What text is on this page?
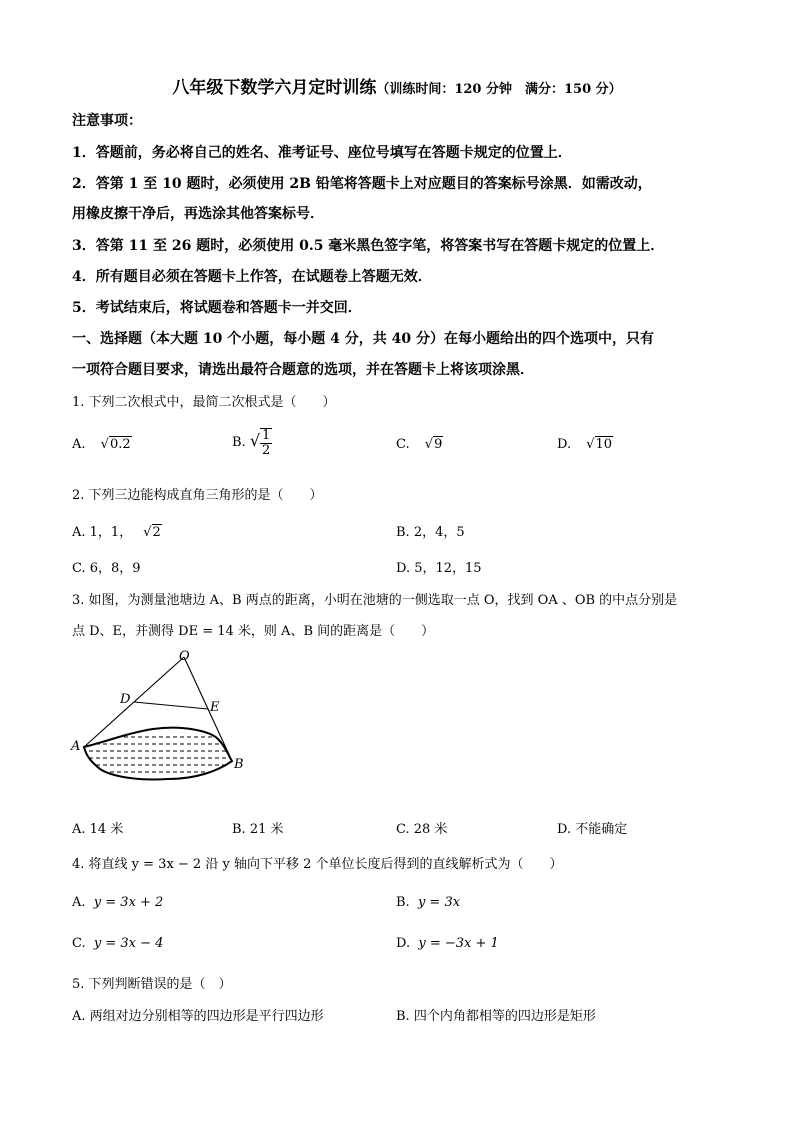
八年级下数学六月定时训练（训练时间：120 分钟　满分：150 分）
注意事项：
1．答题前，务必将自己的姓名、准考证号、座位号填写在答题卡规定的位置上．
2．答第 1 至 10 题时，必须使用 2B 铅笔将答题卡上对应题目的答案标号涂黑．如需改动，
用橡皮擦干净后，再选涂其他答案标号．
3．答第 11 至 26 题时，必须使用 0.5 毫米黑色签字笔，将答案书写在答题卡规定的位置上．
4．所有题目必须在答题卡上作答，在试题卷上答题无效．
5．考试结束后，将试题卷和答题卡一并交回．
一、选择题（本大题 10 个小题，每小题 4 分，共 40 分）在每小题给出的四个选项中，只有
一项符合题目要求，请选出最符合题意的选项，并在答题卡上将该项涂黑．
1. 下列二次根式中，最简二次根式是（　　）
A. √0.2	B. √ $\frac{1}{2}$	C. √9	D. √10
2. 下列三边能构成直角三角形的是（　　）
A. 1，1， √2	B. 2，4，5
C. 6，8，9	D. 5，12，15
3. 如图，为测量池塘边 A、B 两点的距离，小明在池塘的一侧选取一点 O，找到 OA 、OB 的中点分别是
点 D、E，并测得 DE = 14 米，则 A、B 间的距离是（　　）
O
D
E
A
B
A. 14 米	B. 21 米	C. 28 米	D. 不能确定
4. 将直线 y = 3x − 2 沿 y 轴向下平移 2 个单位长度后得到的直线解析式为（　　）
A. y = 3x + 2	B. y = 3x
C. y = 3x − 4	D. y = −3x + 1
5. 下列判断错误的是（　）
A. 两组对边分别相等的四边形是平行四边形	B. 四个内角都相等的四边形是矩形
